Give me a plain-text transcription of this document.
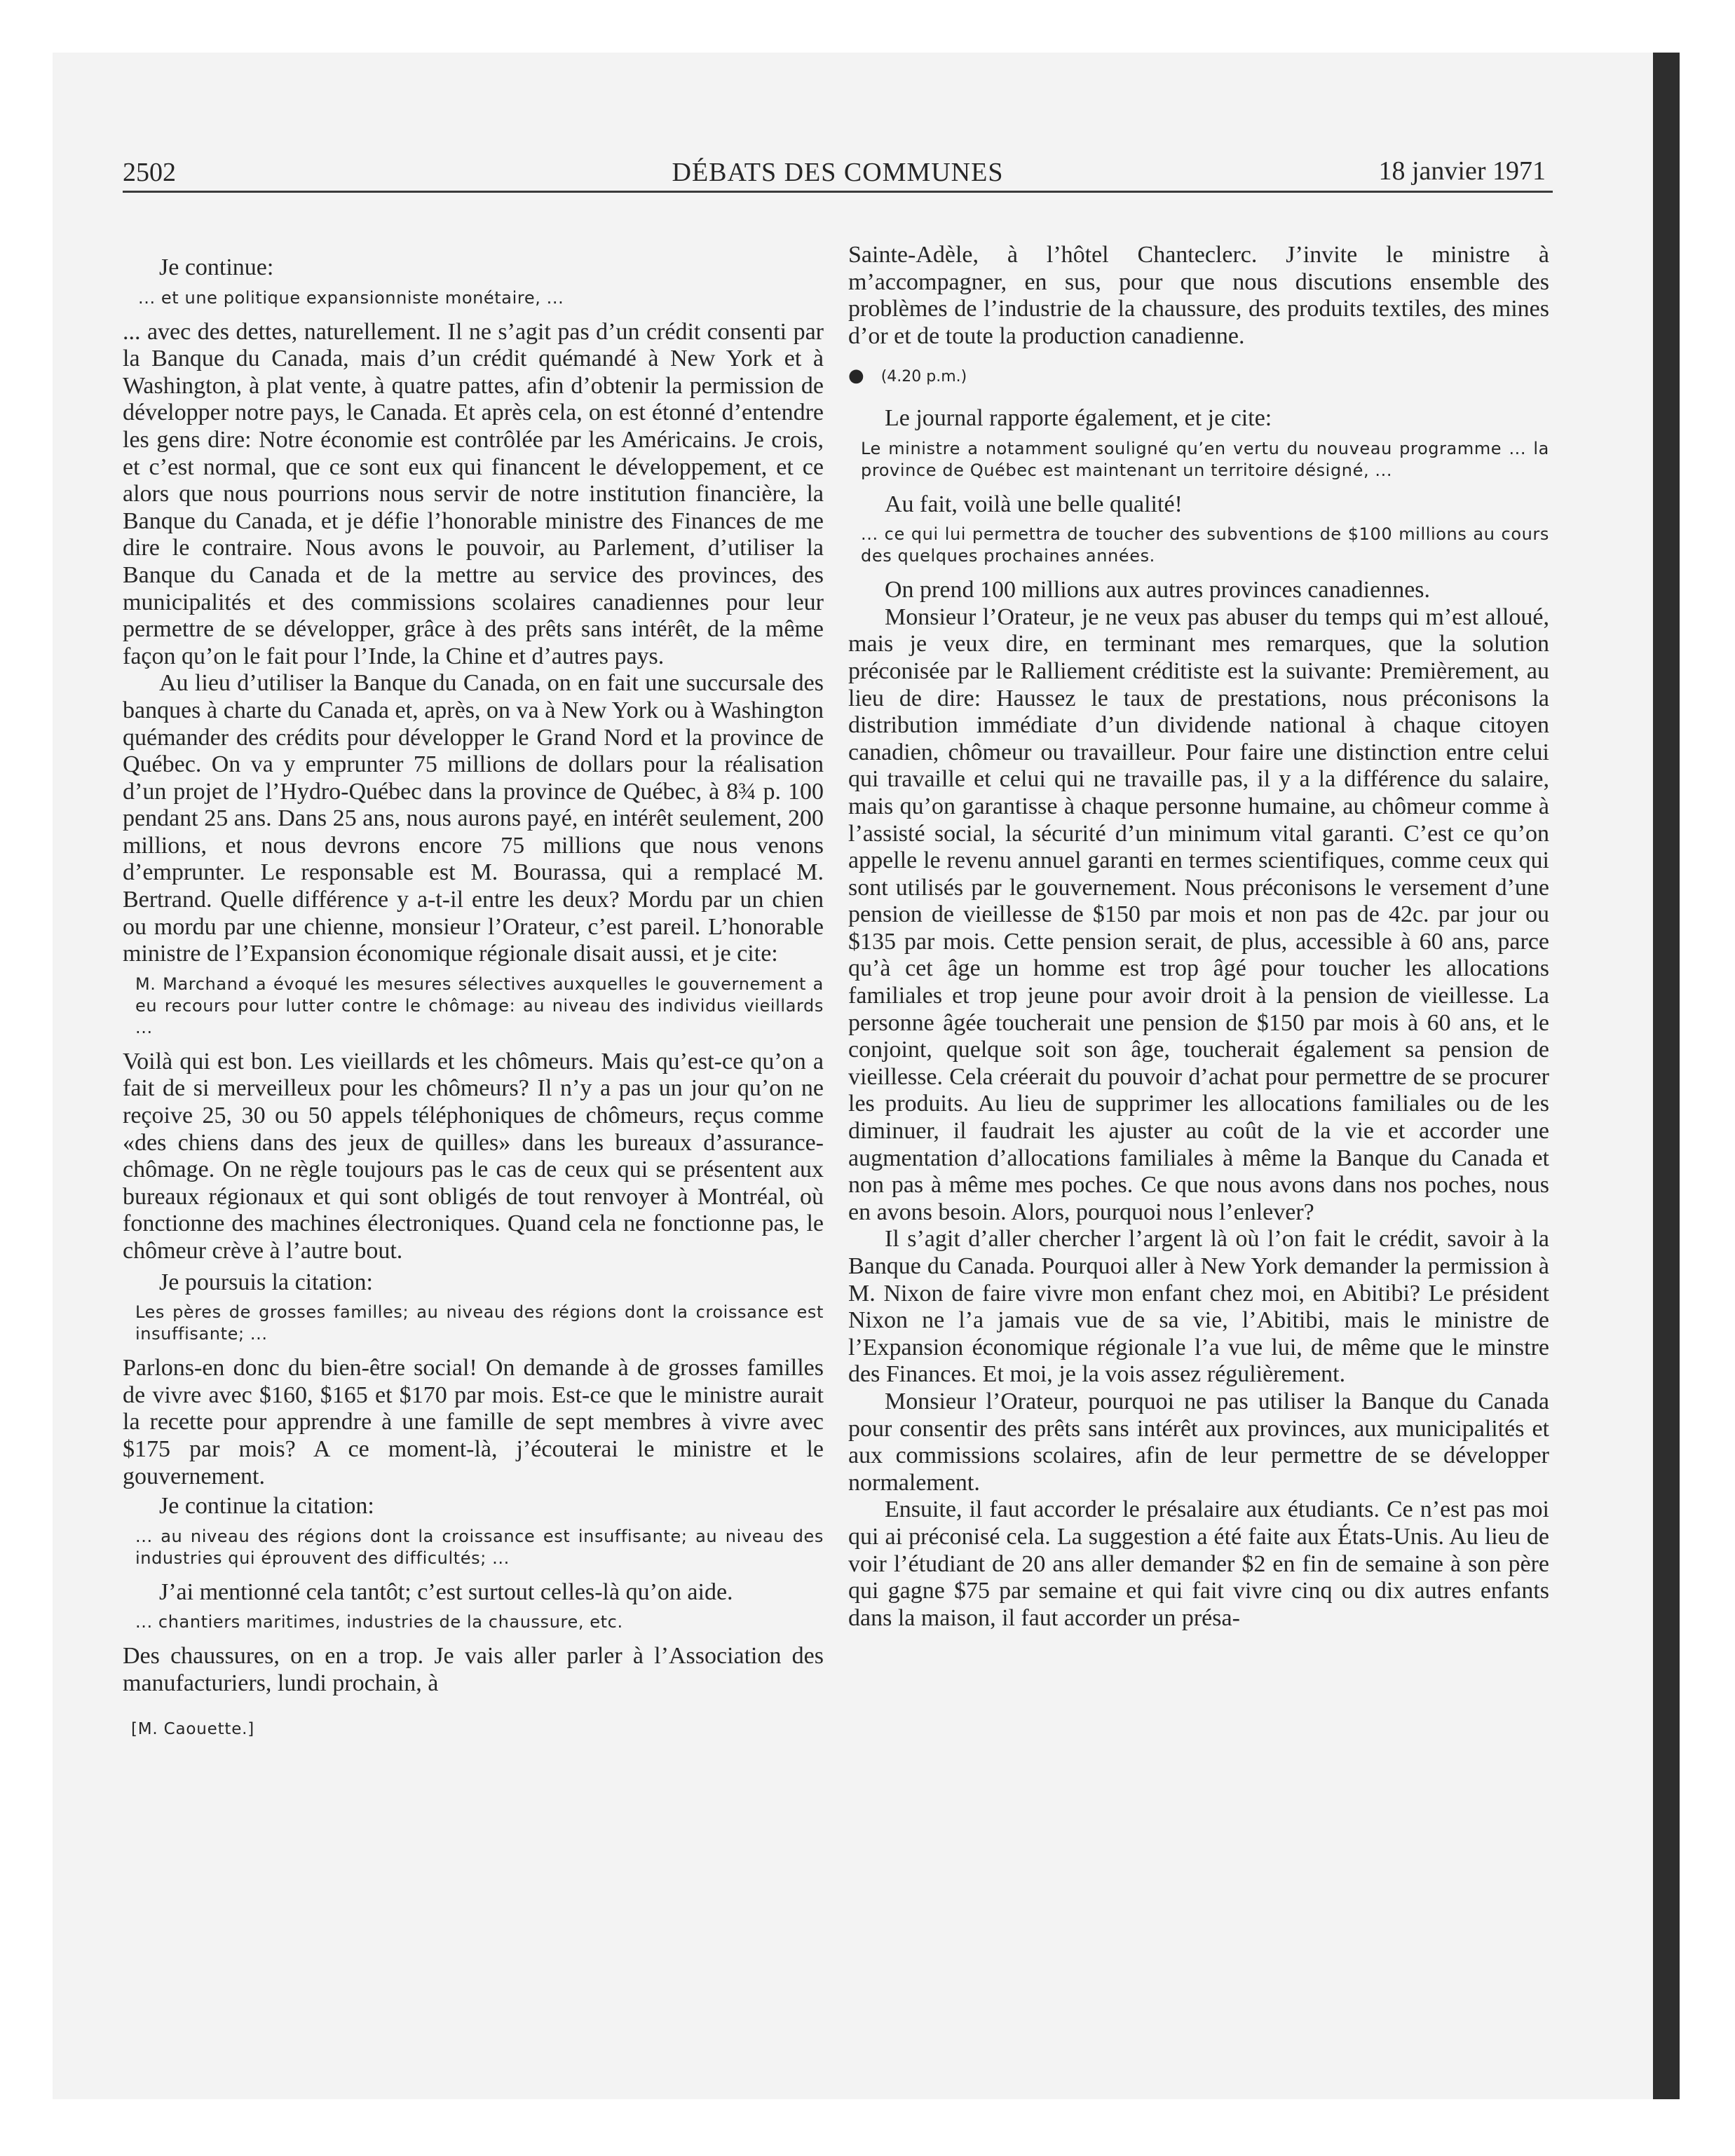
2502	DÉBATS DES COMMUNES	18 janvier 1971

Je continue:

... et une politique expansionniste monétaire, ...

... avec des dettes, naturellement. Il ne s’agit pas d’un crédit consenti par la Banque du Canada, mais d’un crédit quémandé à New York et à Washington, à plat vente, à quatre pattes, afin d’obtenir la permission de développer notre pays, le Canada. Et après cela, on est étonné d’entendre les gens dire: Notre économie est contrôlée par les Américains. Je crois, et c’est normal, que ce sont eux qui financent le développement, et ce alors que nous pourrions nous servir de notre institution financière, la Banque du Canada, et je défie l’honorable ministre des Finances de me dire le contraire. Nous avons le pouvoir, au Parlement, d’utiliser la Banque du Canada et de la mettre au service des provinces, des municipalités et des commissions scolaires canadiennes pour leur permettre de se développer, grâce à des prêts sans intérêt, de la même façon qu’on le fait pour l’Inde, la Chine et d’autres pays.

Au lieu d’utiliser la Banque du Canada, on en fait une succursale des banques à charte du Canada et, après, on va à New York ou à Washington quémander des crédits pour développer le Grand Nord et la province de Québec. On va y emprunter 75 millions de dollars pour la réalisation d’un projet de l’Hydro-Québec dans la province de Québec, à 8¾ p. 100 pendant 25 ans. Dans 25 ans, nous aurons payé, en intérêt seulement, 200 millions, et nous devrons encore 75 millions que nous venons d’emprunter. Le responsable est M. Bourassa, qui a remplacé M. Bertrand. Quelle différence y a-t-il entre les deux? Mordu par un chien ou mordu par une chienne, monsieur l’Orateur, c’est pareil. L’honorable ministre de l’Expansion économique régionale disait aussi, et je cite:

M. Marchand a évoqué les mesures sélectives auxquelles le gouvernement a eu recours pour lutter contre le chômage: au niveau des individus vieillards ...

Voilà qui est bon. Les vieillards et les chômeurs. Mais qu’est-ce qu’on a fait de si merveilleux pour les chômeurs? Il n’y a pas un jour qu’on ne reçoive 25, 30 ou 50 appels téléphoniques de chômeurs, reçus comme «des chiens dans des jeux de quilles» dans les bureaux d’assurance-chômage. On ne règle toujours pas le cas de ceux qui se présentent aux bureaux régionaux et qui sont obligés de tout renvoyer à Montréal, où fonctionne des machines électroniques. Quand cela ne fonctionne pas, le chômeur crève à l’autre bout.

Je poursuis la citation:

Les pères de grosses familles; au niveau des régions dont la croissance est insuffisante; ...

Parlons-en donc du bien-être social! On demande à de grosses familles de vivre avec $160, $165 et $170 par mois. Est-ce que le ministre aurait la recette pour apprendre à une famille de sept membres à vivre avec $175 par mois? A ce moment-là, j’écouterai le ministre et le gouvernement.

Je continue la citation:

... au niveau des régions dont la croissance est insuffisante; au niveau des industries qui éprouvent des difficultés; ...

J’ai mentionné cela tantôt; c’est surtout celles-là qu’on aide.

... chantiers maritimes, industries de la chaussure, etc.

Des chaussures, on en a trop. Je vais aller parler à l’Association des manufacturiers, lundi prochain, à

[M. Caouette.]

Sainte-Adèle, à l’hôtel Chanteclerc. J’invite le ministre à m’accompagner, en sus, pour que nous discutions ensemble des problèmes de l’industrie de la chaussure, des produits textiles, des mines d’or et de toute la production canadienne.

● (4.20 p.m.)

Le journal rapporte également, et je cite:

Le ministre a notamment souligné qu’en vertu du nouveau programme ... la province de Québec est maintenant un territoire désigné, ...

Au fait, voilà une belle qualité!

... ce qui lui permettra de toucher des subventions de $100 millions au cours des quelques prochaines années.

On prend 100 millions aux autres provinces canadiennes.

Monsieur l’Orateur, je ne veux pas abuser du temps qui m’est alloué, mais je veux dire, en terminant mes remarques, que la solution préconisée par le Ralliement créditiste est la suivante: Premièrement, au lieu de dire: Haussez le taux de prestations, nous préconisons la distribution immédiate d’un dividende national à chaque citoyen canadien, chômeur ou travailleur. Pour faire une distinction entre celui qui travaille et celui qui ne travaille pas, il y a la différence du salaire, mais qu’on garantisse à chaque personne humaine, au chômeur comme à l’assisté social, la sécurité d’un minimum vital garanti. C’est ce qu’on appelle le revenu annuel garanti en termes scientifiques, comme ceux qui sont utilisés par le gouvernement. Nous préconisons le versement d’une pension de vieillesse de $150 par mois et non pas de 42c. par jour ou $135 par mois. Cette pension serait, de plus, accessible à 60 ans, parce qu’à cet âge un homme est trop âgé pour toucher les allocations familiales et trop jeune pour avoir droit à la pension de vieillesse. La personne âgée toucherait une pension de $150 par mois à 60 ans, et le conjoint, quelque soit son âge, toucherait également sa pension de vieillesse. Cela créerait du pouvoir d’achat pour permettre de se procurer les produits. Au lieu de supprimer les allocations familiales ou de les diminuer, il faudrait les ajuster au coût de la vie et accorder une augmentation d’allocations familiales à même la Banque du Canada et non pas à même mes poches. Ce que nous avons dans nos poches, nous en avons besoin. Alors, pourquoi nous l’enlever?

Il s’agit d’aller chercher l’argent là où l’on fait le crédit, savoir à la Banque du Canada. Pourquoi aller à New York demander la permission à M. Nixon de faire vivre mon enfant chez moi, en Abitibi? Le président Nixon ne l’a jamais vue de sa vie, l’Abitibi, mais le ministre de l’Expansion économique régionale l’a vue lui, de même que le minstre des Finances. Et moi, je la vois assez régulièrement.

Monsieur l’Orateur, pourquoi ne pas utiliser la Banque du Canada pour consentir des prêts sans intérêt aux provinces, aux municipalités et aux commissions scolaires, afin de leur permettre de se développer normalement.

Ensuite, il faut accorder le présalaire aux étudiants. Ce n’est pas moi qui ai préconisé cela. La suggestion a été faite aux États-Unis. Au lieu de voir l’étudiant de 20 ans aller demander $2 en fin de semaine à son père qui gagne $75 par semaine et qui fait vivre cinq ou dix autres enfants dans la maison, il faut accorder un présa-
